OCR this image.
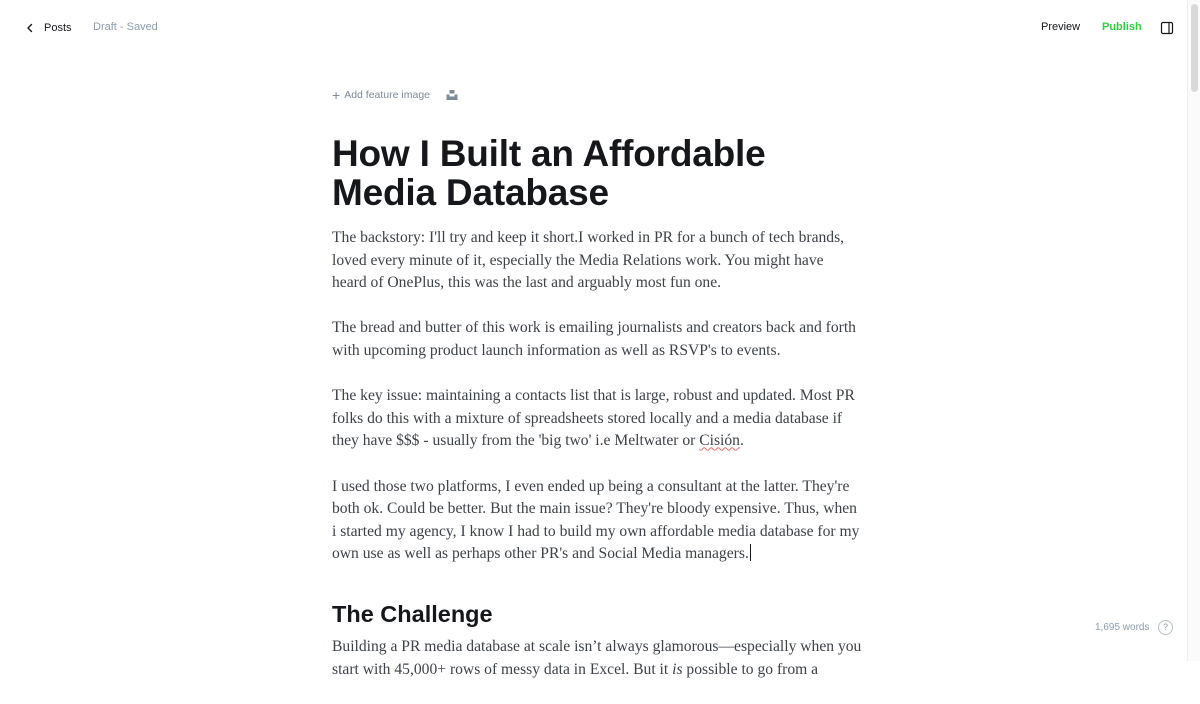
Posts Draft - Saved	Preview Publish
+ Add feature image
How I Built an Affordable Media Database

The backstory: I'll try and keep it short.I worked in PR for a bunch of tech brands, loved every minute of it, especially the Media Relations work. You might have heard of OnePlus, this was the last and arguably most fun one.

The bread and butter of this work is emailing journalists and creators back and forth with upcoming product launch information as well as RSVP's to events.

The key issue: maintaining a contacts list that is large, robust and updated. Most PR folks do this with a mixture of spreadsheets stored locally and a media database if they have $$$ - usually from the 'big two' i.e Meltwater or Cisión.

I used those two platforms, I even ended up being a consultant at the latter. They're both ok. Could be better. But the main issue? They're bloody expensive. Thus, when i started my agency, I know I had to build my own affordable media database for my own use as well as perhaps other PR's and Social Media managers.

The Challenge

Building a PR media database at scale isn’t always glamorous—especially when you start with 45,000+ rows of messy data in Excel. But it is possible to go from a

1,695 words	?
